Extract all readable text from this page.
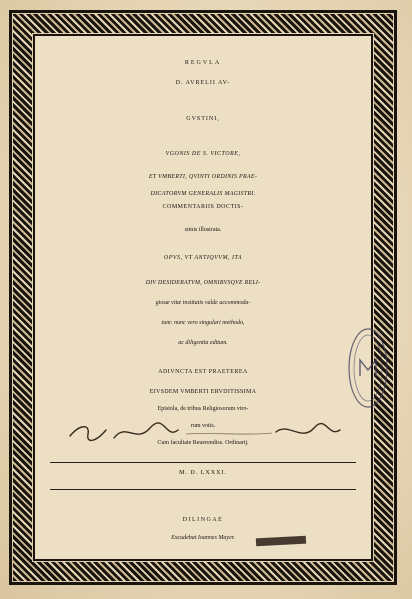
REGVLA

D. AVRELII AV-

GVSTINI,

VGONIS DE S. VICTORE,

ET VMBERTI, QVINTI ORDINIS PRAE-

DICATORVM GENERALIS MAGISTRI.

COMMENTARIIS DOCTIS-

simis illustrata.

OPVS, VT ANTIQVVM, ITA

DIV DESIDERATVM, OMNIBVSQVE RELI-

giosæ vitæ institutis valde accommoda-

tum: nunc vero singulari methodo,

ac diligentia editum.

ADIVNCTA EST PRAETEREA

EIVSDEM VMBERTI ERVDITISSIMA

Epistola, de tribus Religiosorum viro-

rum votis.

Cum facultate Reuerendiss. Ordinarij.

M. D. LXXXI.

DILINGAE

Excudebat Ioannes Mayer.
